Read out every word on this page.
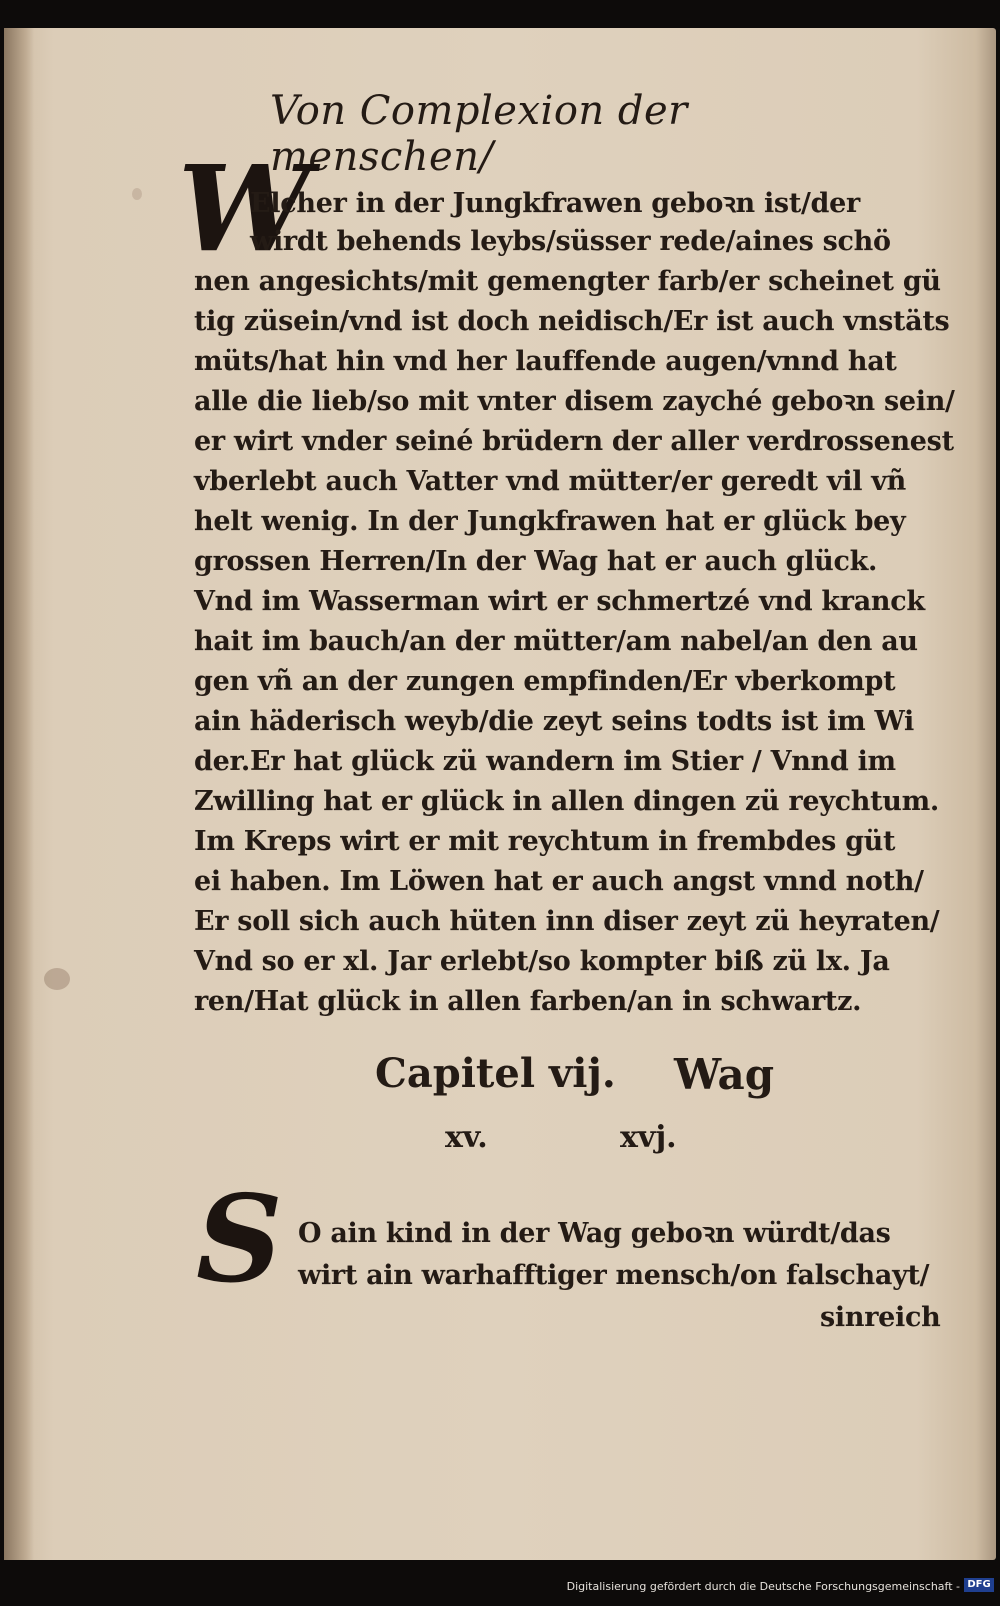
Von Complexion der menschen/
W
Elcher in der Jungkfrawen geboꝛn ist/der
wirdt behends leybs/süsser rede/aines schö
nen angesichts/mit gemengter farb/er scheinet gü
tig züsein/vnd ist doch neidisch/Er ist auch vnstäts
müts/hat hin vnd her lauffende augen/vnnd hat
alle die lieb/so mit vnter disem zayché geboꝛn sein/
er wirt vnder seiné brüdern der aller verdrossenest
vberlebt auch Vatter vnd mütter/er geredt vil vñ
helt wenig. In der Jungkfrawen hat er glück bey
grossen Herren/In der Wag hat er auch glück.
Vnd im Wasserman wirt er schmertzé vnd kranck
hait im bauch/an der mütter/am nabel/an den au
gen vñ an der zungen empfinden/Er vberkompt
ain häderisch weyb/die zeyt seins todts ist im Wi
der.Er hat glück zü wandern im Stier / Vnnd im
Zwilling hat er glück in allen dingen zü reychtum.
Im Kreps wirt er mit reychtum in frembdes güt
ei haben. Im Löwen hat er auch angst vnnd noth/
Er soll sich auch hüten inn diser zeyt zü heyraten/
Vnd so er xl. Jar erlebt/so kompter biß zü lx. Ja
ren/Hat glück in allen farben/an in schwartz.
Capitel vij. Wag
xv.	xvj.
S O ain kind in der Wag geboꝛn würdt/das
wirt ain warhafftiger mensch/on falschayt/
sinreich
Digitalisierung gefördert durch die Deutsche Forschungsgemeinschaft - DFG
